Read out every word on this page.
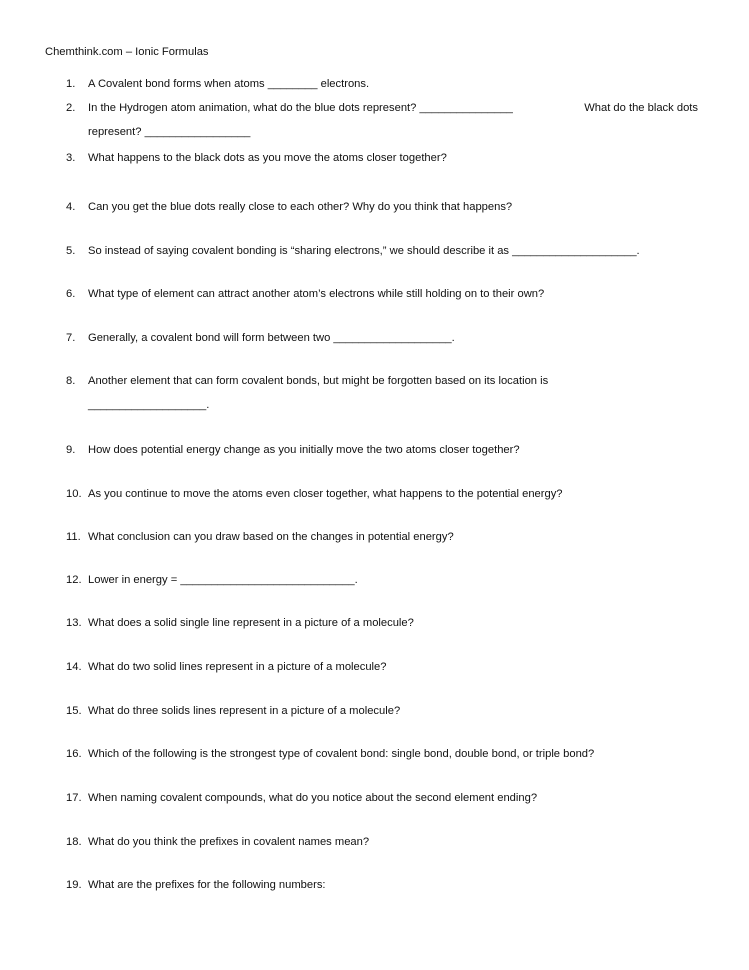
Chemthink.com – Ionic Formulas
1.	A Covalent bond forms when atoms ________ electrons.
2.	In the Hydrogen atom animation, what do the blue dots represent? _______________	What do the black dots
represent? _________________
3.	What happens to the black dots as you move the atoms closer together?
4.	Can you get the blue dots really close to each other? Why do you think that happens?
5.	So instead of saying covalent bonding is “sharing electrons,” we should describe it as ____________________.
6.	What type of element can attract another atom’s electrons while still holding on to their own?
7.	Generally, a covalent bond will form between two ___________________.
8.	Another element that can form covalent bonds, but might be forgotten based on its location is
___________________.
9.	How does potential energy change as you initially move the two atoms closer together?
10. As you continue to move the atoms even closer together, what happens to the potential energy?
11. What conclusion can you draw based on the changes in potential energy?
12. Lower in energy = ____________________________.
13. What does a solid single line represent in a picture of a molecule?
14. What do two solid lines represent in a picture of a molecule?
15. What do three solids lines represent in a picture of a molecule?
16. Which of the following is the strongest type of covalent bond: single bond, double bond, or triple bond?
17. When naming covalent compounds, what do you notice about the second element ending?
18. What do you think the prefixes in covalent names mean?
19. What are the prefixes for the following numbers:
